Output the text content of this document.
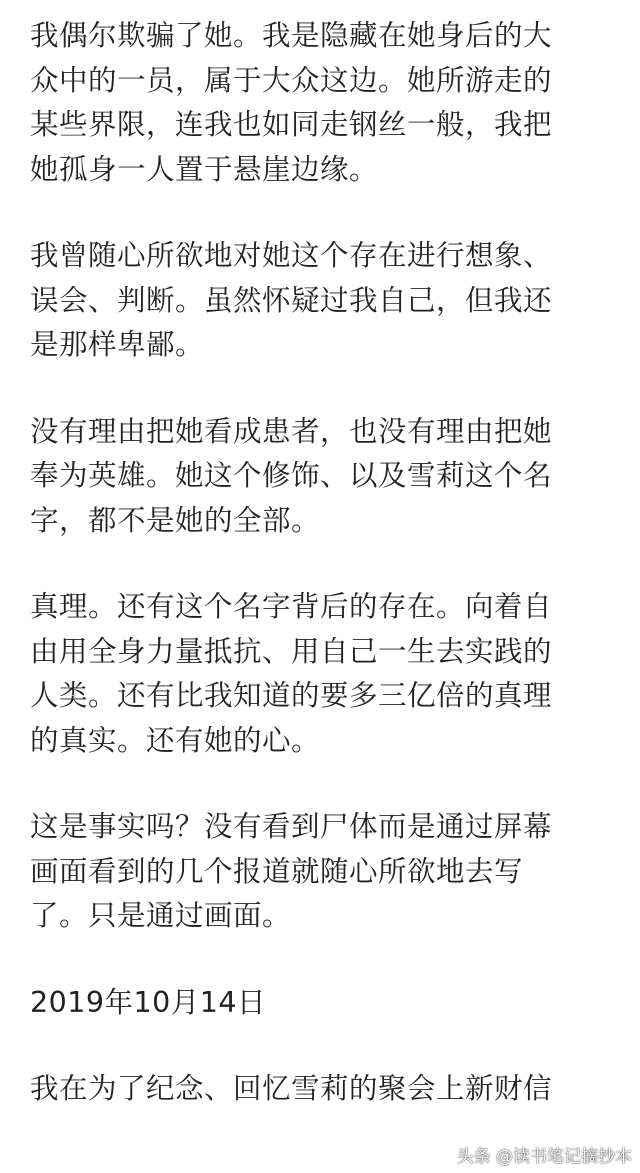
我偶尔欺骗了她。我是隐藏在她身后的大
众中的一员，属于大众这边。她所游走的
某些界限，连我也如同走钢丝一般，我把
她孤身一人置于悬崖边缘。
我曾随心所欲地对她这个存在进行想象、
误会、判断。虽然怀疑过我自己，但我还
是那样卑鄙。
没有理由把她看成患者，也没有理由把她
奉为英雄。她这个修饰、以及雪莉这个名
字，都不是她的全部。
真理。还有这个名字背后的存在。向着自
由用全身力量抵抗、用自己一生去实践的
人类。还有比我知道的要多三亿倍的真理
的真实。还有她的心。
这是事实吗？没有看到尸体而是通过屏幕
画面看到的几个报道就随心所欲地去写
了。只是通过画面。
2019年10月14日
我在为了纪念、回忆雪莉的聚会上新财信
头条 @读书笔记摘抄本
